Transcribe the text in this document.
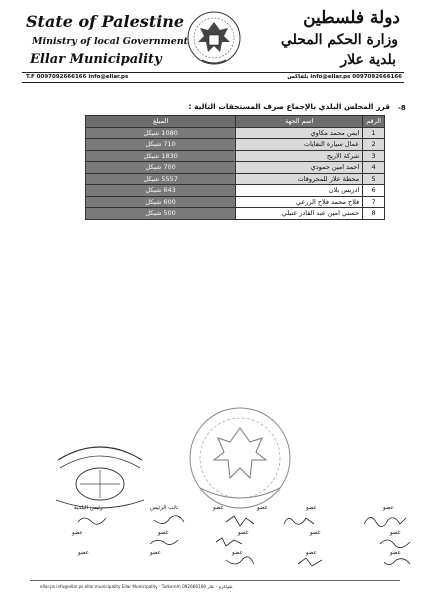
State of Palestine
Ministry of local Government
Ellar Municipality
دولة فلسطين
وزارة الحكم المحلي
بلدية علار
T.F 0097092666166 info@ellar.ps	info@ellar.ps 0097092666166 تلفاكس
-8
قرر المجلس البلدي بالإجماع صرف المستحقات التالية :
الرقم	اسم الجهة	المبلغ
1	ايمن محمد مكاوي	1080 شيكل
2	عمال سيارة النفايات	710 شيكل
3	شركة الاريج	1830 شيكل
4	احمد امين حمودي	700 شيكل
5	محطة علار للمحروقات	5557 شيكل
6	ادريس بلان	643 شيكل
7	فلاح محمد فلاح الزرعي	600 شيكل
8	حسني امين عبد القادر عتيلي	500 شيكل
عضو
عضو
عضو
عضو
نائب الرئيس
رئيس البلدية
عضو
عضو
عضو
عضو
عضو
عضو
عضو
عضو
عضو
عضو
ellar.ps info@ellar.ps ellar.municipality Ellar Municipality - Tulkarem 092666166 طولكرم - علار
